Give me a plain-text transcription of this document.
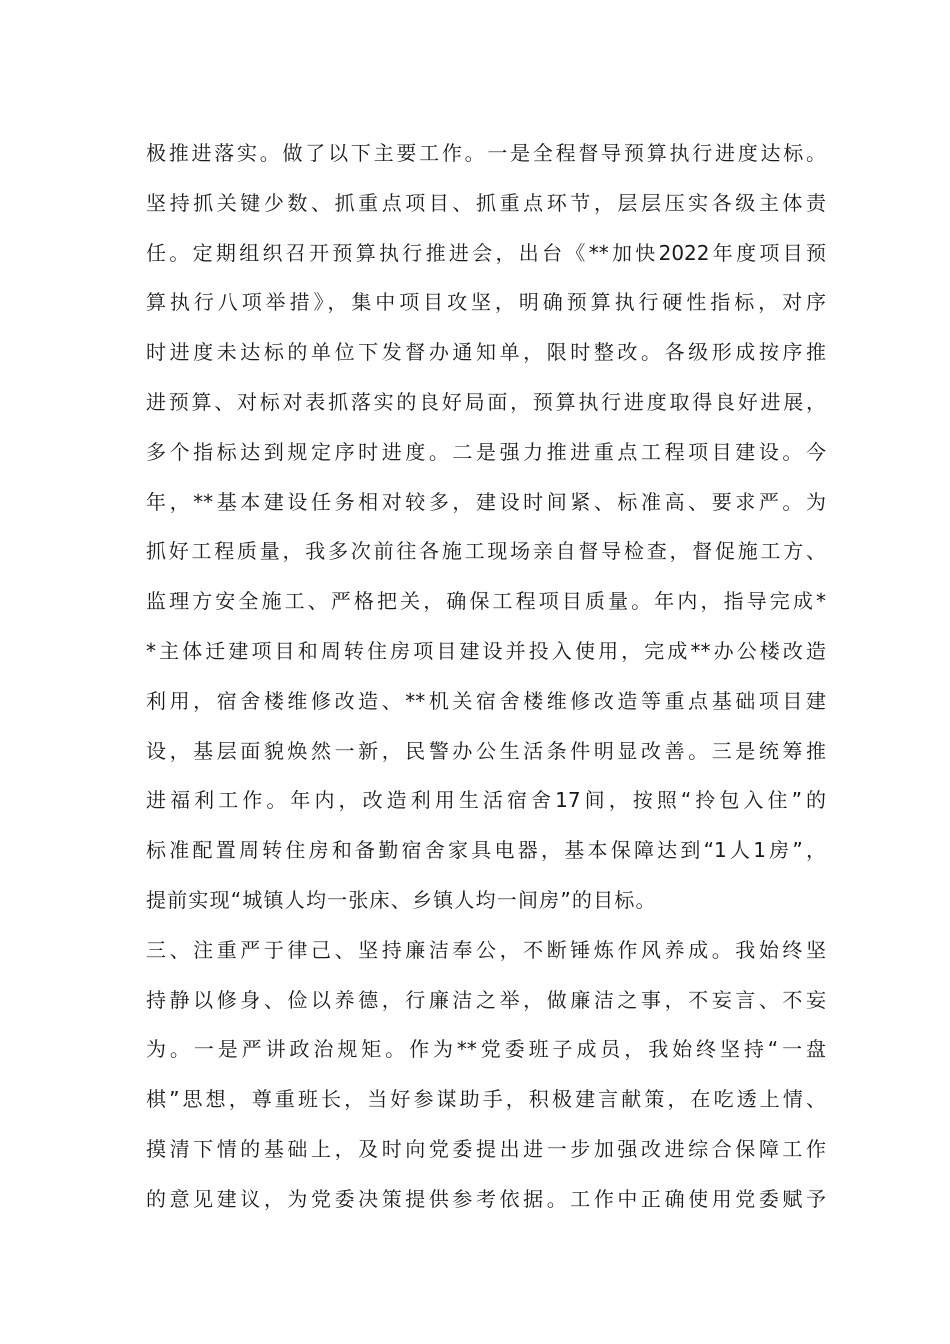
极推进落实。做了以下主要工作。一是全程督导预算执行进度达标。
坚持抓关键少数、抓重点项目、抓重点环节，层层压实各级主体责
任。定期组织召开预算执行推进会，出台《**加快2022年度项目预
算执行八项举措》，集中项目攻坚，明确预算执行硬性指标，对序
时进度未达标的单位下发督办通知单，限时整改。各级形成按序推
进预算、对标对表抓落实的良好局面，预算执行进度取得良好进展，
多个指标达到规定序时进度。二是强力推进重点工程项目建设。今
年，**基本建设任务相对较多，建设时间紧、标准高、要求严。为
抓好工程质量，我多次前往各施工现场亲自督导检查，督促施工方、
监理方安全施工、严格把关，确保工程项目质量。年内，指导完成*
*主体迁建项目和周转住房项目建设并投入使用，完成**办公楼改造
利用，宿舍楼维修改造、**机关宿舍楼维修改造等重点基础项目建
设，基层面貌焕然一新，民警办公生活条件明显改善。三是统筹推
进福利工作。年内，改造利用生活宿舍17间，按照“拎包入住”的
标准配置周转住房和备勤宿舍家具电器，基本保障达到“1人1房”，
提前实现“城镇人均一张床、乡镇人均一间房”的目标。
三、注重严于律己、坚持廉洁奉公，不断锤炼作风养成。我始终坚
持静以修身、俭以养德，行廉洁之举，做廉洁之事，不妄言、不妄
为。一是严讲政治规矩。作为**党委班子成员，我始终坚持“一盘
棋”思想，尊重班长，当好参谋助手，积极建言献策，在吃透上情、
摸清下情的基础上，及时向党委提出进一步加强改进综合保障工作
的意见建议，为党委决策提供参考依据。工作中正确使用党委赋予
